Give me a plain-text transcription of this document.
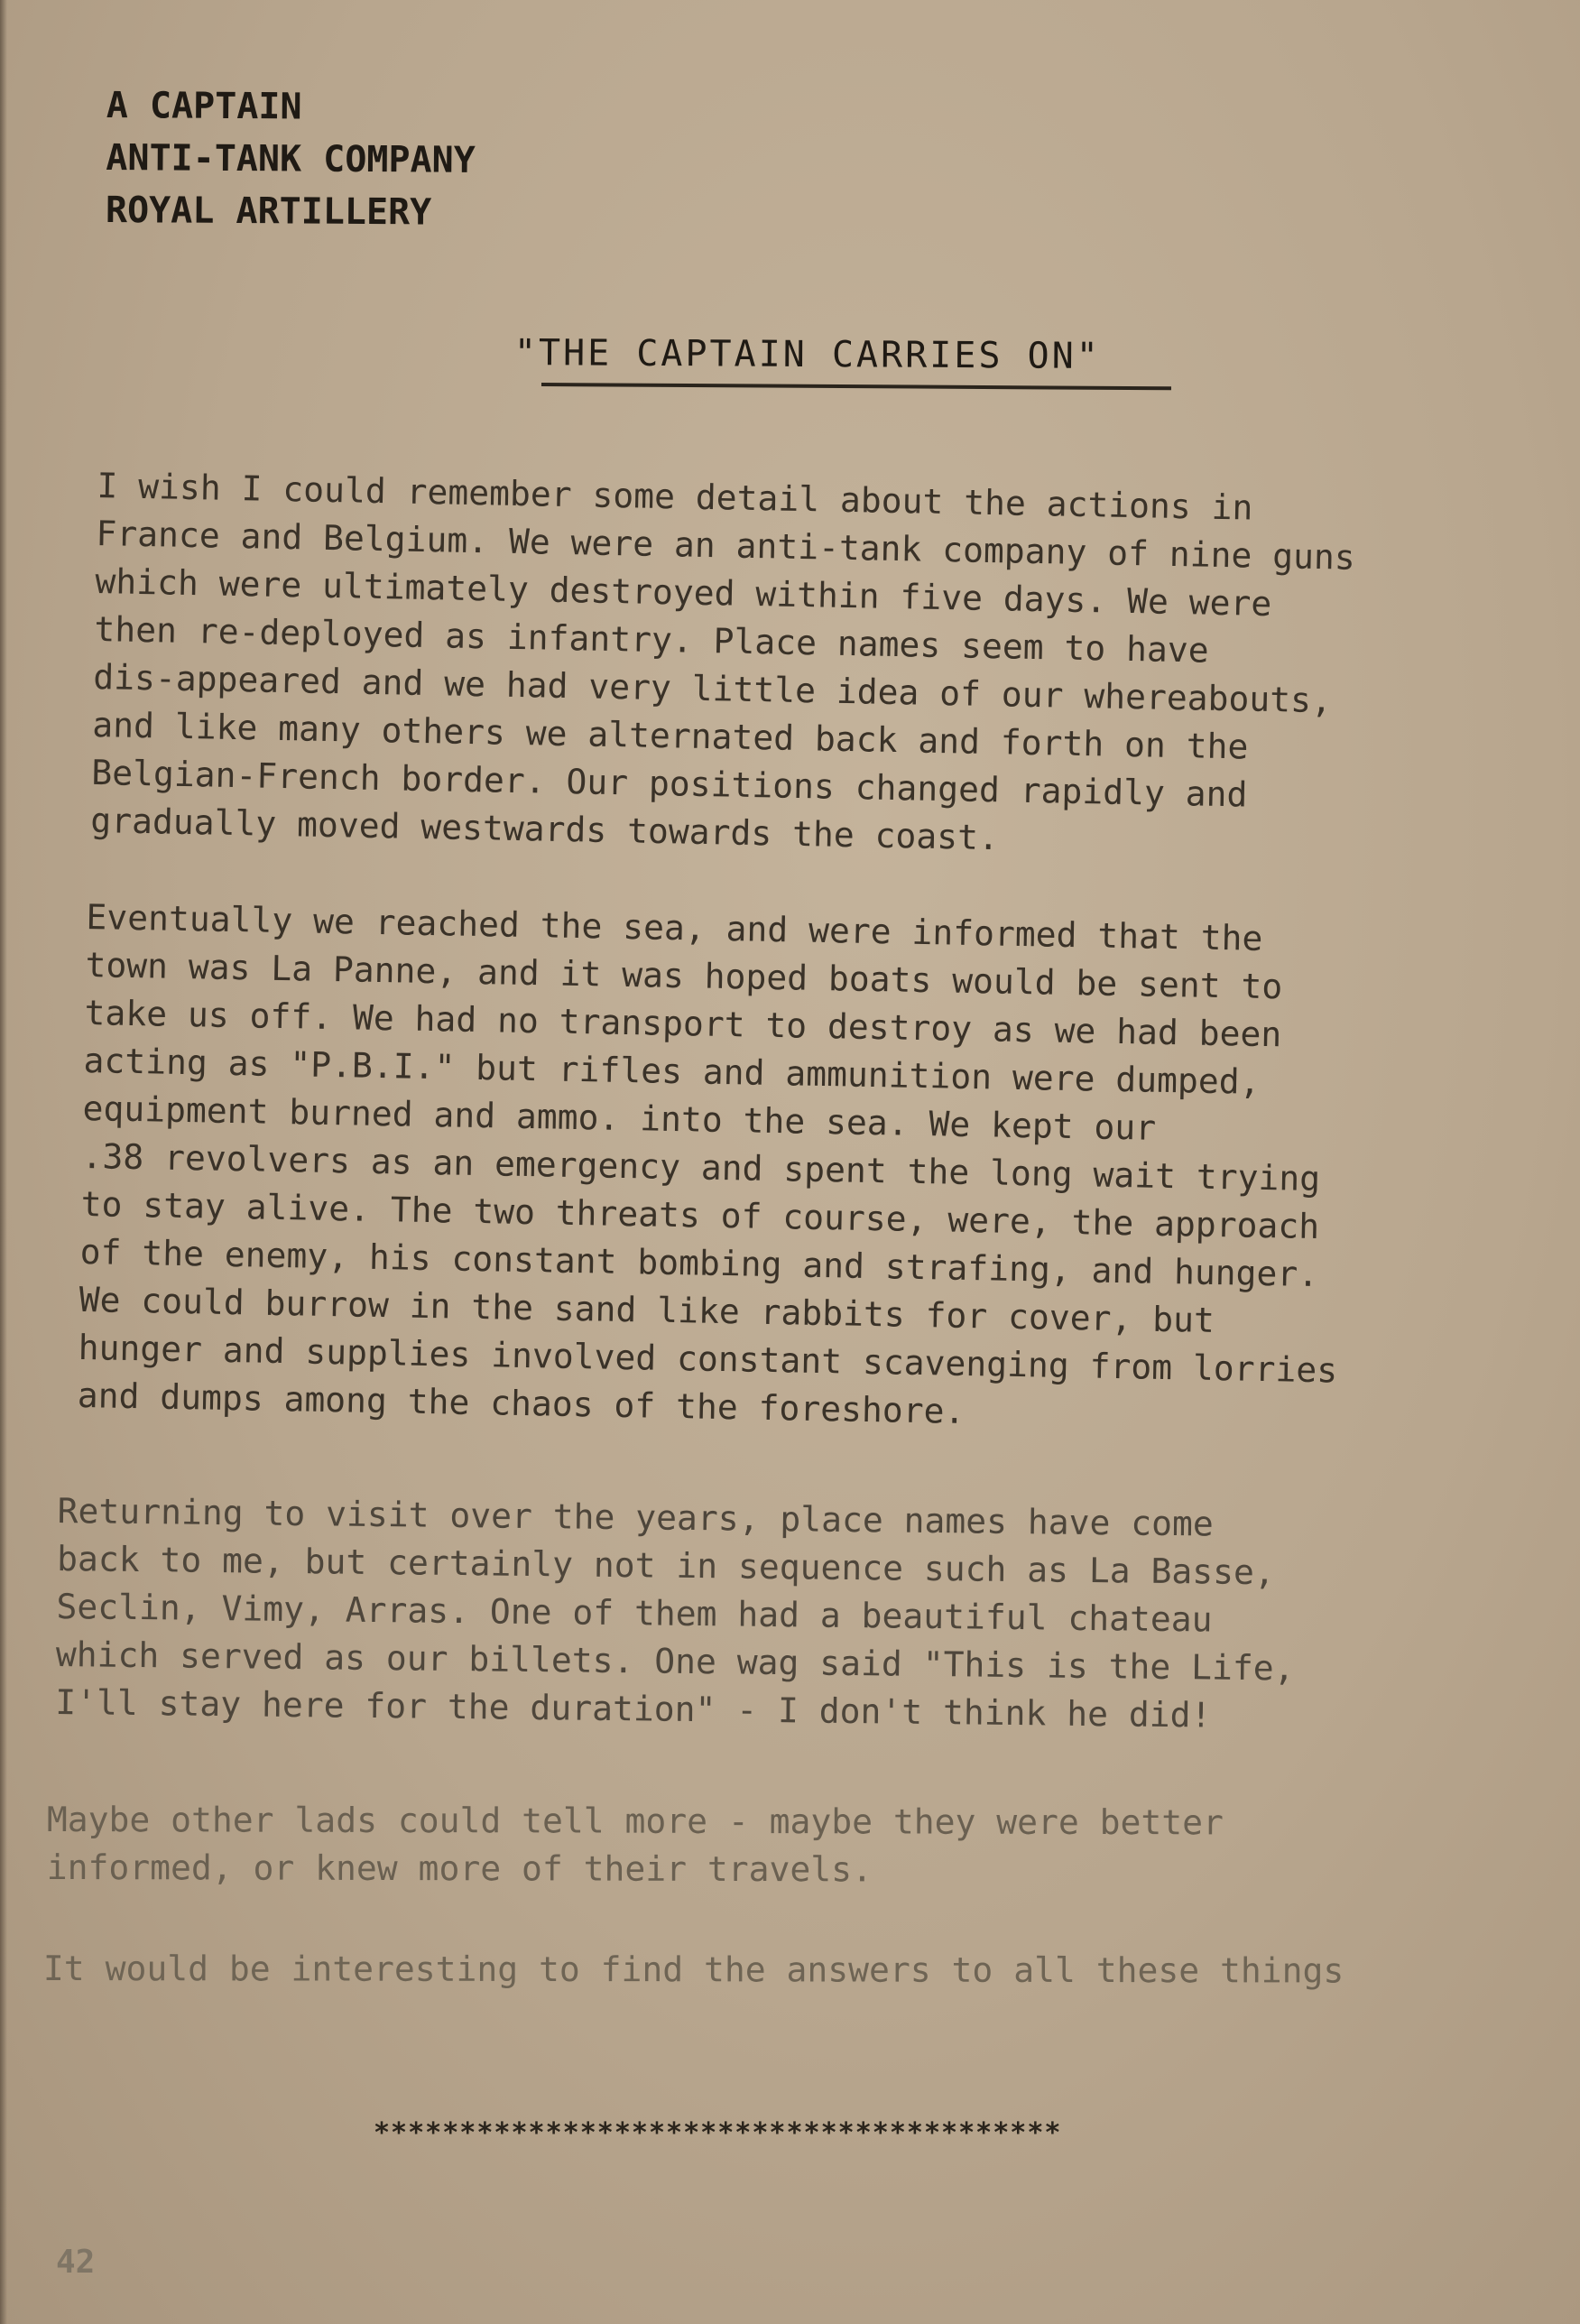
A CAPTAIN
ANTI-TANK COMPANY
ROYAL ARTILLERY
"THE CAPTAIN CARRIES ON"
I wish I could remember some detail about the actions in
France and Belgium. We were an anti-tank company of nine guns
which were ultimately destroyed within five days. We were
then re-deployed as infantry. Place names seem to have
dis-appeared and we had very little idea of our whereabouts,
and like many others we alternated back and forth on the
Belgian-French border. Our positions changed rapidly and
gradually moved westwards towards the coast.
Eventually we reached the sea, and were informed that the
town was La Panne, and it was hoped boats would be sent to
take us off. We had no transport to destroy as we had been
acting as "P.B.I." but rifles and ammunition were dumped,
equipment burned and ammo. into the sea. We kept our
.38 revolvers as an emergency and spent the long wait trying
to stay alive. The two threats of course, were, the approach
of the enemy, his constant bombing and strafing, and hunger.
We could burrow in the sand like rabbits for cover, but
hunger and supplies involved constant scavenging from lorries
and dumps among the chaos of the foreshore.
Returning to visit over the years, place names have come
back to me, but certainly not in sequence such as La Basse,
Seclin, Vimy, Arras. One of them had a beautiful chateau
which served as our billets. One wag said "This is the Life,
I'll stay here for the duration" - I don't think he did!
Maybe other lads could tell more - maybe they were better
informed, or knew more of their travels.
It would be interesting to find the answers to all these things
****************************************
42
